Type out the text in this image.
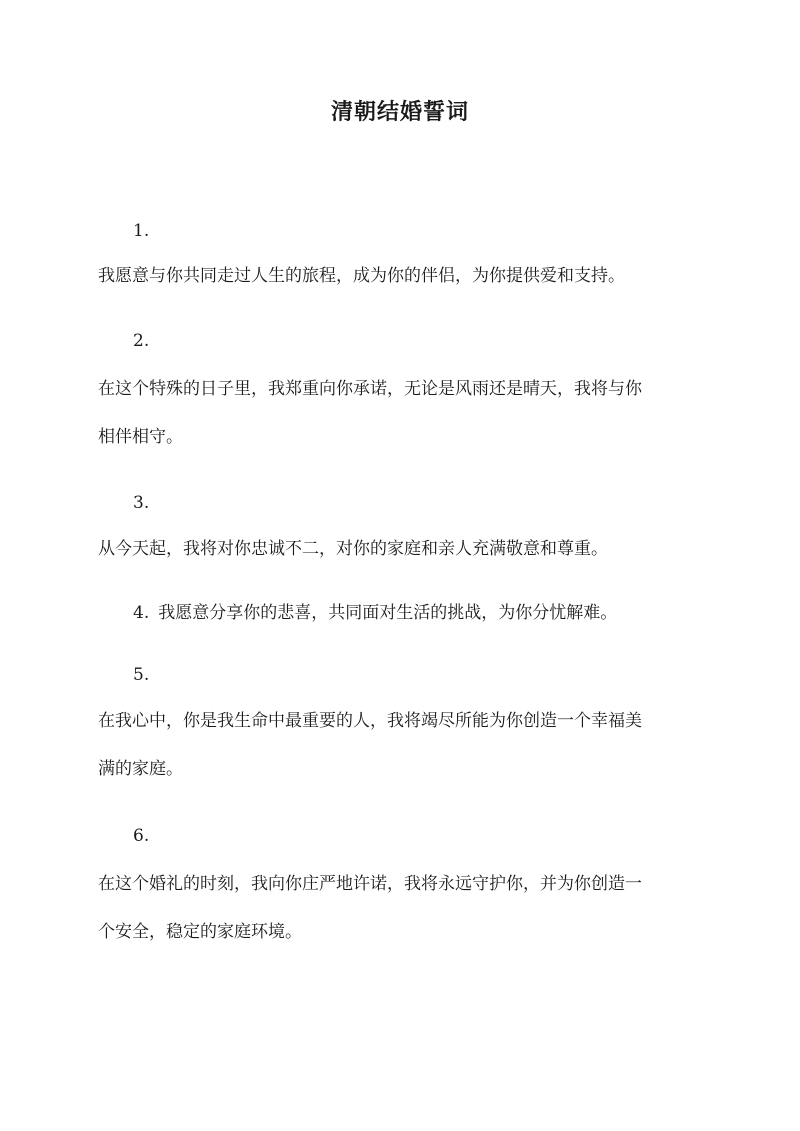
清朝结婚誓词
1.
我愿意与你共同走过人生的旅程，成为你的伴侣，为你提供爱和支持。
2.
在这个特殊的日子里，我郑重向你承诺，无论是风雨还是晴天，我将与你
相伴相守。
3.
从今天起，我将对你忠诚不二，对你的家庭和亲人充满敬意和尊重。
4. 我愿意分享你的悲喜，共同面对生活的挑战，为你分忧解难。
5.
在我心中，你是我生命中最重要的人，我将竭尽所能为你创造一个幸福美
满的家庭。
6.
在这个婚礼的时刻，我向你庄严地许诺，我将永远守护你，并为你创造一
个安全，稳定的家庭环境。
